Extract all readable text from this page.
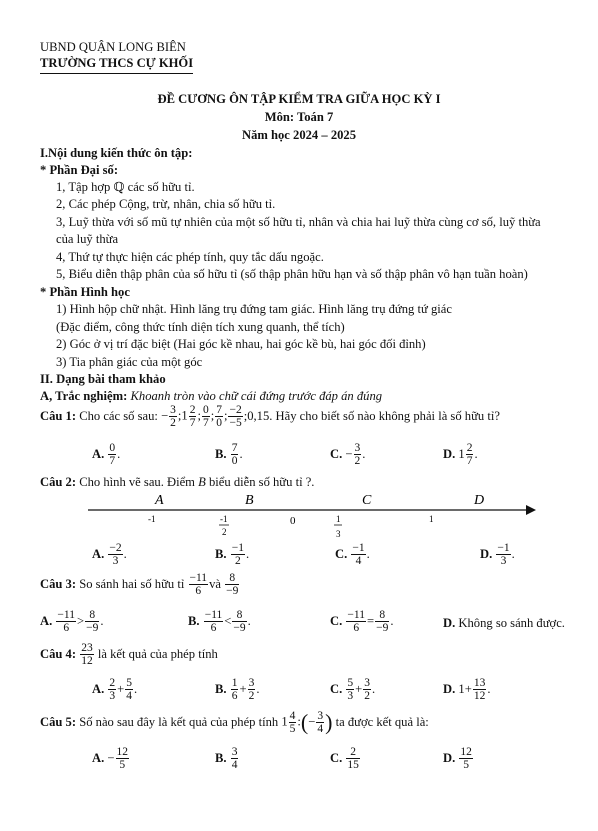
UBND QUẬN LONG BIÊN
TRƯỜNG THCS CỰ KHỐI
ĐỀ CƯƠNG ÔN TẬP KIỂM TRA GIỮA HỌC KỲ I
Môn: Toán 7
Năm học 2024 – 2025
I.Nội dung kiến thức ôn tập:
* Phần Đại số:
1, Tập hợp ℚ các số hữu tỉ.
2, Các phép Cộng, trừ, nhân, chia số hữu tỉ.
3, Luỹ thừa với số mũ tự nhiên của một số hữu tỉ, nhân và chia hai luỹ thừa cùng cơ số, luỹ thừa
của luỹ thừa
4, Thứ tự thực hiện các phép tính, quy tắc dấu ngoặc.
5, Biểu diễn thập phân của số hữu tỉ (số thập phân hữu hạn và số thập phân vô hạn tuần hoàn)
* Phần Hình học
1) Hình hộp chữ nhật. Hình lăng trụ đứng tam giác. Hình lăng trụ đứng tứ giác
(Đặc điểm, công thức tính diện tích xung quanh, thể tích)
2) Góc ở vị trí đặc biệt (Hai góc kề nhau, hai góc kề bù, hai góc đối đỉnh)
3) Tia phân giác của một góc
II. Dạng bài tham khảo
A, Trắc nghiệm: Khoanh tròn vào chữ cái đứng trước đáp án đúng
Câu 1:
Cho các số sau:
− $\frac{3}{2}$ ;1 $\frac{2}{7}$ ; $\frac{0}{7}$ ; $\frac{7}{0}$ ; $\frac{-2}{-5}$ ;0,15. Hãy cho biết số nào không phải là số hữu tỉ?
A.
$\frac{0}{7}$ .	B.
$\frac{7}{0}$ .	C.
− $\frac{3}{2}$ .	D.
$1 \frac{2}{7}$ .
Câu 2: Cho hình vẽ sau. Điểm B biểu diễn số hữu tỉ ?.
A	B	C	D
-1	-1
2
0	1
3
1
A.
$\frac{-2}{3}$ .	B.
$\frac{-1}{2}$ .	C.
$\frac{-1}{4}$ .	D.
$\frac{-1}{3}$ .
Câu 3:
So sánh hai số hữu tỉ
$\frac{-11}{6}$ và
$\frac{8}{-9}$
A.
$\frac{-11}{6} > \frac{8}{-9}$ .	B.
$\frac{-11}{6} < \frac{8}{-9}$ .	C.
$\frac{-11}{6} = \frac{8}{-9}$ .	D.
Không so sánh được.
Câu 4:
$\frac{23}{12}$
là kết quả của phép tính
A.
$\frac{2}{3} + \frac{5}{4}$ .	B.
$\frac{1}{6} + \frac{3}{2}$ .	C.
$\frac{5}{3} + \frac{3}{2}$ .	D.
$1+ \frac{13}{12}$ .
Câu 5:
Số nào sau đây là kết quả của phép tính
$1 \frac{4}{5}$ :(− $\frac{3}{4}$ )
ta được kết quả là:
A.
− $\frac{12}{5}$	B.
$\frac{3}{4}$	C.
$\frac{2}{15}$	D.
$\frac{12}{5}$
